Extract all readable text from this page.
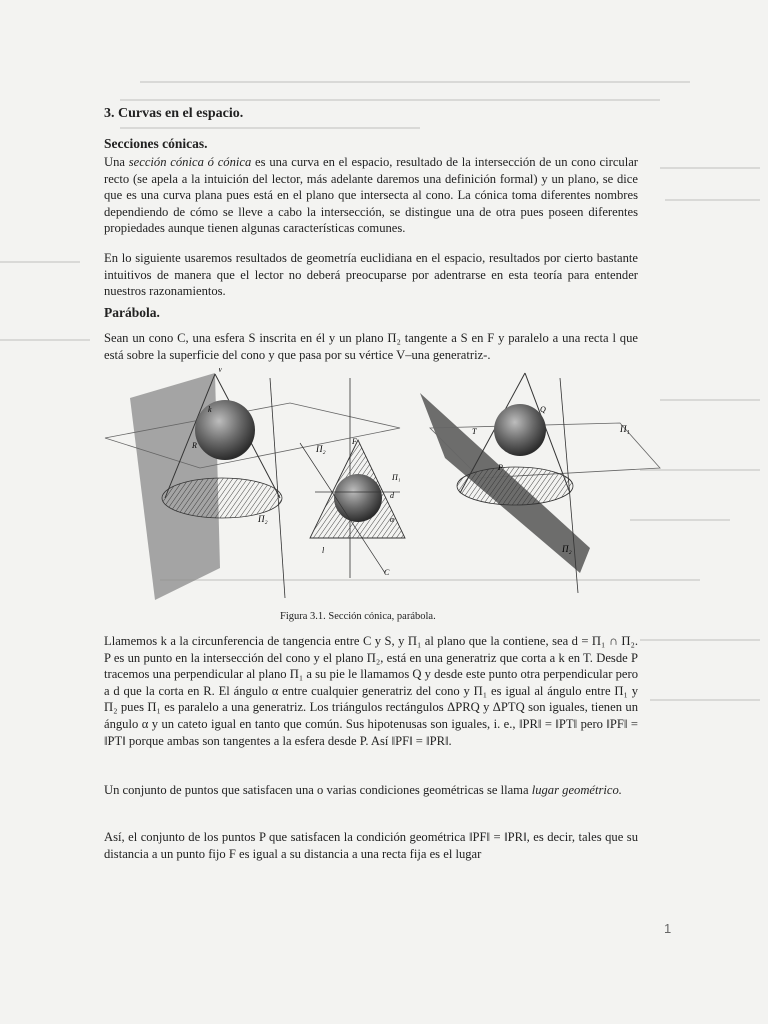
3. Curvas en el espacio.
Secciones cónicas.

Una sección cónica ó cónica es una curva en el espacio, resultado de la intersección de un cono circular recto (se apela a la intuición del lector, más adelante daremos una definición formal) y un plano, se dice que es una curva plana pues está en el plano que intersecta al cono. La cónica toma diferentes nombres dependiendo de cómo se lleve a cabo la intersección, se distingue una de otra pues poseen diferentes propiedades aunque tienen algunas características comunes.

En lo siguiente usaremos resultados de geometría euclidiana en el espacio, resultados por cierto bastante intuitivos de manera que el lector no deberá preocuparse por adentrarse en esta teoría para entender nuestros razonamientos.

Parábola.

Sean un cono C, una esfera S inscrita en él y un plano Π₂ tangente a S en F y paralelo a una recta l que está sobre la superficie del cono y que pasa por su vértice V–una generatriz-.

R
k
Π₂
V
Π₂
Π₁
d
F
α
l
C
Π₁
Π₂
P
T
Q
Figura 3.1. Sección cónica, parábola.

Llamemos k a la circunferencia de tangencia entre C y S, y Π₁ al plano que la contiene, sea d = Π₁ ∩ Π₂. P es un punto en la intersección del cono y el plano Π₂, está en una generatriz que corta a k en T. Desde P tracemos una perpendicular al plano Π₁ a su pie le llamamos Q y desde este punto otra perpendicular pero a d que la corta en R. El ángulo α entre cualquier generatriz del cono y Π₁ es igual al ángulo entre Π₁ y Π₂ pues Π₁ es paralelo a una generatriz. Los triángulos rectángulos ΔPRQ y ΔPTQ son iguales, tienen un ángulo α y un cateto igual en tanto que común. Sus hipotenusas son iguales, i. e., ‖PR‖ = ‖PT‖ pero ‖PF‖ = ‖PT‖ porque ambas son tangentes a la esfera desde P. Así ‖PF‖ = ‖PR‖.

Un conjunto de puntos que satisfacen una o varias condiciones geométricas se llama lugar geométrico.

Así, el conjunto de los puntos P que satisfacen la condición geométrica ‖PF‖ = ‖PR‖, es decir, tales que su distancia a un punto fijo F es igual a su distancia a una recta fija es el lugar

1
